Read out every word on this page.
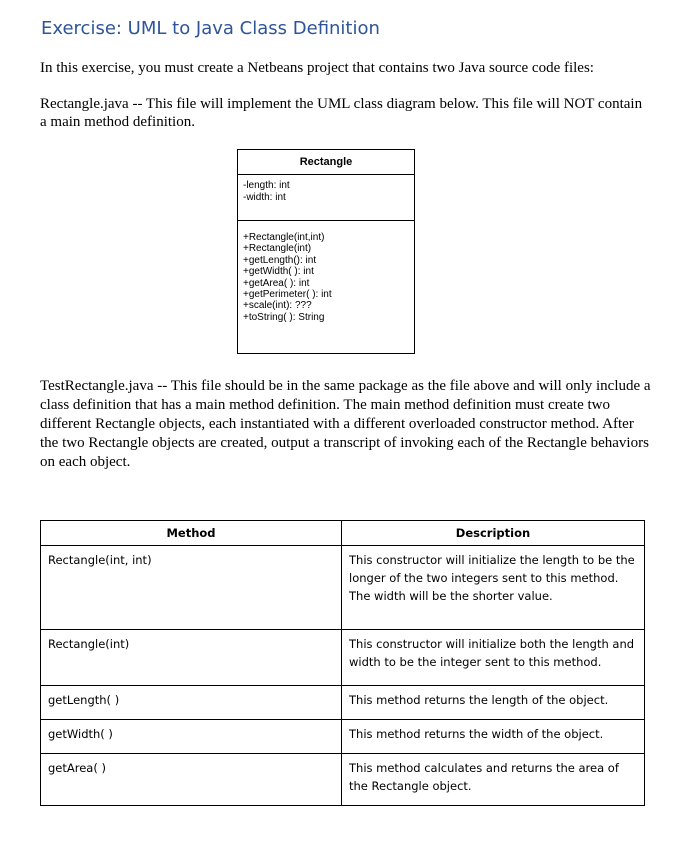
Exercise: UML to Java Class Definition

In this exercise, you must create a Netbeans project that contains two Java source code files:

Rectangle.java -- This file will implement the UML class diagram below. This file will NOT contain a main method definition.

Rectangle
-length: int
-width: int
+Rectangle(int,int)
+Rectangle(int)
+getLength(): int
+getWidth( ): int
+getArea( ): int
+getPerimeter( ): int
+scale(int): ???
+toString( ): String

TestRectangle.java -- This file should be in the same package as the file above and will only include a class definition that has a main method definition. The main method definition must create two different Rectangle objects, each instantiated with a different overloaded constructor method. After the two Rectangle objects are created, output a transcript of invoking each of the Rectangle behaviors on each object.

Method	Description
Rectangle(int, int)	This constructor will initialize the length to be the longer of the two integers sent to this method.
The width will be the shorter value.

Rectangle(int)	This constructor will initialize both the length and width to be the integer sent to this method.

getLength( )	This method returns the length of the object.

getWidth( )	This method returns the width of the object.

getArea( )	This method calculates and returns the area of the Rectangle object.
